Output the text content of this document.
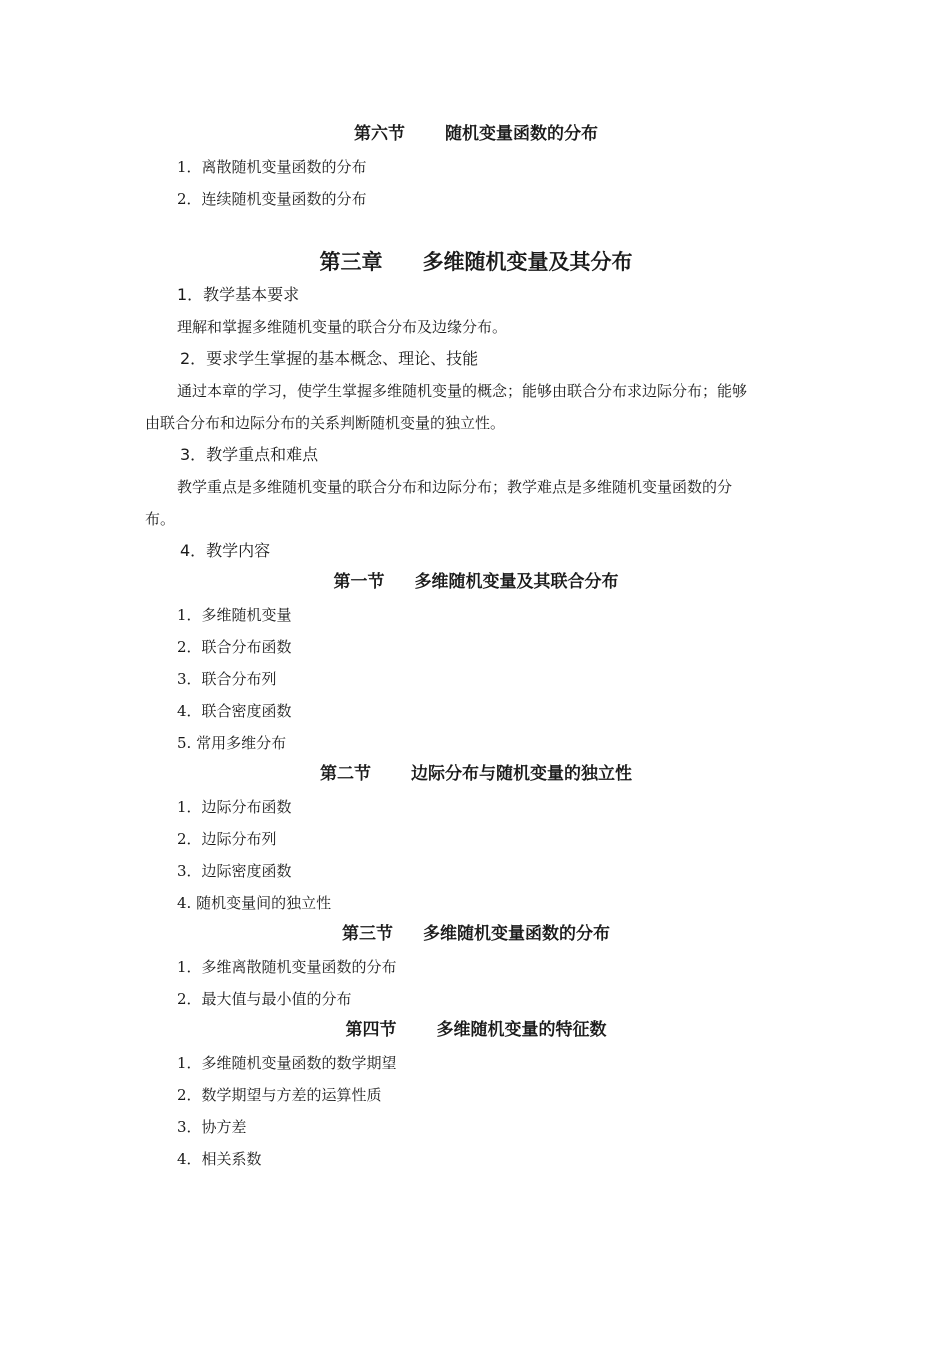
第六节 随机变量函数的分布
1．离散随机变量函数的分布
2．连续随机变量函数的分布
第三章 多维随机变量及其分布
1．教学基本要求
理解和掌握多维随机变量的联合分布及边缘分布。
2．要求学生掌握的基本概念、理论、技能
通过本章的学习，使学生掌握多维随机变量的概念；能够由联合分布求边际分布；能够
由联合分布和边际分布的关系判断随机变量的独立性。
3．教学重点和难点
教学重点是多维随机变量的联合分布和边际分布；教学难点是多维随机变量函数的分
布。
4．教学内容
第一节 多维随机变量及其联合分布
1．多维随机变量
2．联合分布函数
3．联合分布列
4．联合密度函数
5. 常用多维分布
第二节 边际分布与随机变量的独立性
1．边际分布函数
2．边际分布列
3．边际密度函数
4. 随机变量间的独立性
第三节 多维随机变量函数的分布
1．多维离散随机变量函数的分布
2．最大值与最小值的分布
第四节 多维随机变量的特征数
1．多维随机变量函数的数学期望
2．数学期望与方差的运算性质
3．协方差
4．相关系数
